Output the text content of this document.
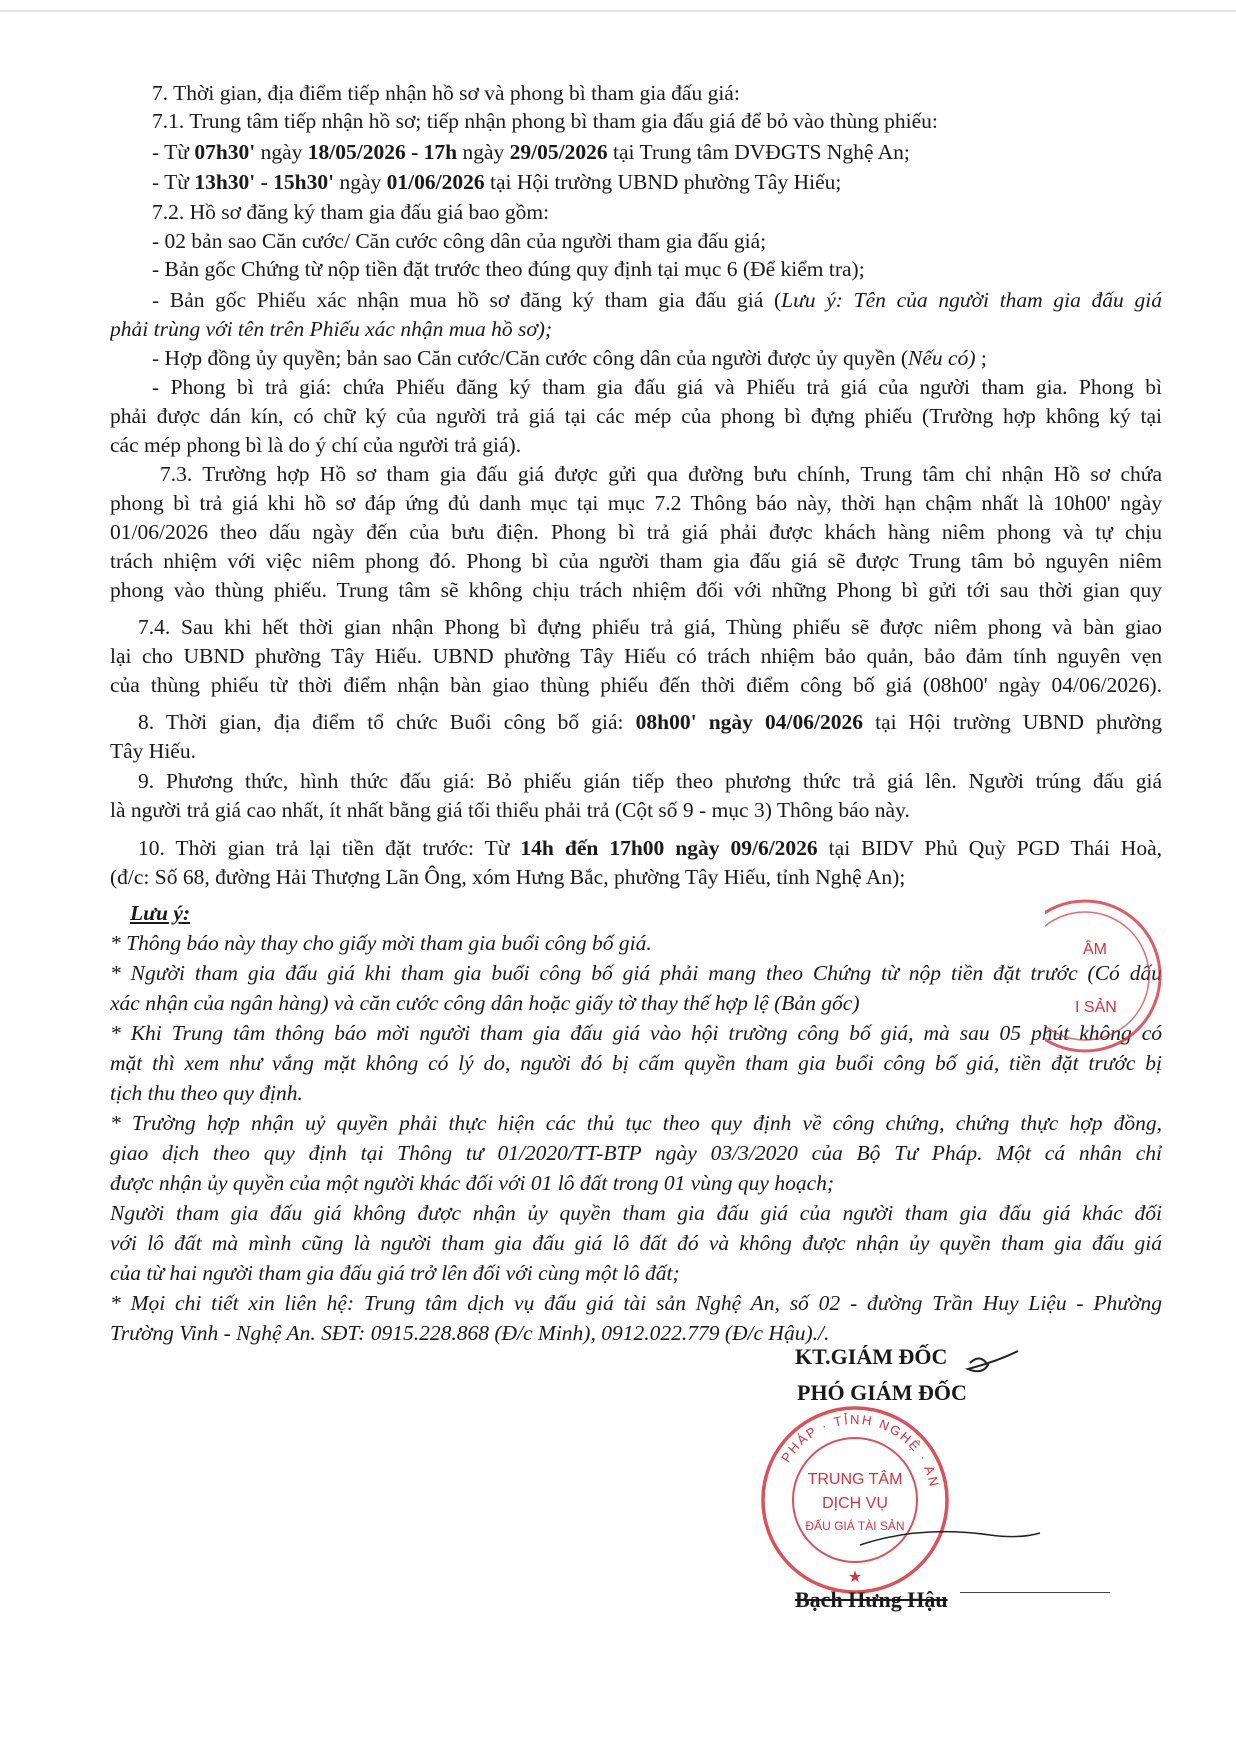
7. Thời gian, địa điểm tiếp nhận hồ sơ và phong bì tham gia đấu giá:
7.1. Trung tâm tiếp nhận hồ sơ; tiếp nhận phong bì tham gia đấu giá để bỏ vào thùng phiếu:
- Từ 07h30' ngày 18/05/2026 - 17h ngày 29/05/2026 tại Trung tâm DVĐGTS Nghệ An;
- Từ 13h30' - 15h30' ngày 01/06/2026 tại Hội trường UBND phường Tây Hiếu;
7.2. Hồ sơ đăng ký tham gia đấu giá bao gồm:
- 02 bản sao Căn cước/ Căn cước công dân của người tham gia đấu giá;
- Bản gốc Chứng từ nộp tiền đặt trước theo đúng quy định tại mục 6 (Để kiểm tra);
- Bản gốc Phiếu xác nhận mua hồ sơ đăng ký tham gia đấu giá (Lưu ý: Tên của người tham gia đấu giá
phải trùng với tên trên Phiếu xác nhận mua hồ sơ);
- Hợp đồng ủy quyền; bản sao Căn cước/Căn cước công dân của người được ủy quyền (Nếu có) ;
- Phong bì trả giá: chứa Phiếu đăng ký tham gia đấu giá và Phiếu trả giá của người tham gia. Phong bì
phải được dán kín, có chữ ký của người trả giá tại các mép của phong bì đựng phiếu (Trường hợp không ký tại
các mép phong bì là do ý chí của người trả giá).
7.3. Trường hợp Hồ sơ tham gia đấu giá được gửi qua đường bưu chính, Trung tâm chỉ nhận Hồ sơ chứa
phong bì trả giá khi hồ sơ đáp ứng đủ danh mục tại mục 7.2 Thông báo này, thời hạn chậm nhất là 10h00' ngày
01/06/2026 theo dấu ngày đến của bưu điện. Phong bì trả giá phải được khách hàng niêm phong và tự chịu
trách nhiệm với việc niêm phong đó. Phong bì của người tham gia đấu giá sẽ được Trung tâm bỏ nguyên niêm
phong vào thùng phiếu. Trung tâm sẽ không chịu trách nhiệm đối với những Phong bì gửi tới sau thời gian quy
7.4. Sau khi hết thời gian nhận Phong bì đựng phiếu trả giá, Thùng phiếu sẽ được niêm phong và bàn giao
lại cho UBND phường Tây Hiếu. UBND phường Tây Hiếu có trách nhiệm bảo quản, bảo đảm tính nguyên vẹn
của thùng phiếu từ thời điểm nhận bàn giao thùng phiếu đến thời điểm công bố giá (08h00' ngày 04/06/2026).
8. Thời gian, địa điểm tổ chức Buổi công bố giá: 08h00' ngày 04/06/2026 tại Hội trường UBND phường
Tây Hiếu.
9. Phương thức, hình thức đấu giá: Bỏ phiếu gián tiếp theo phương thức trả giá lên. Người trúng đấu giá
là người trả giá cao nhất, ít nhất bằng giá tối thiểu phải trả (Cột số 9 - mục 3) Thông báo này.
10. Thời gian trả lại tiền đặt trước: Từ 14h đến 17h00 ngày 09/6/2026 tại BIDV Phủ Quỳ PGD Thái Hoà,
(đ/c: Số 68, đường Hải Thượng Lãn Ông, xóm Hưng Bắc, phường Tây Hiếu, tỉnh Nghệ An);
Lưu ý:
* Thông báo này thay cho giấy mời tham gia buổi công bố giá.
* Người tham gia đấu giá khi tham gia buổi công bố giá phải mang theo Chứng từ nộp tiền đặt trước (Có dấu
xác nhận của ngân hàng) và căn cước công dân hoặc giấy tờ thay thế hợp lệ (Bản gốc)
* Khi Trung tâm thông báo mời người tham gia đấu giá vào hội trường công bố giá, mà sau 05 phút không có
mặt thì xem như vắng mặt không có lý do, người đó bị cấm quyền tham gia buổi công bố giá, tiền đặt trước bị
tịch thu theo quy định.
* Trường hợp nhận uỷ quyền phải thực hiện các thủ tục theo quy định về công chứng, chứng thực hợp đồng,
giao dịch theo quy định tại Thông tư 01/2020/TT-BTP ngày 03/3/2020 của Bộ Tư Pháp. Một cá nhân chỉ
được nhận ủy quyền của một người khác đối với 01 lô đất trong 01 vùng quy hoạch;
Người tham gia đấu giá không được nhận ủy quyền tham gia đấu giá của người tham gia đấu giá khác đối
với lô đất mà mình cũng là người tham gia đấu giá lô đất đó và không được nhận ủy quyền tham gia đấu giá
của từ hai người tham gia đấu giá trở lên đối với cùng một lô đất;
* Mọi chi tiết xin liên hệ: Trung tâm dịch vụ đấu giá tài sản Nghệ An, số 02 - đường Trần Huy Liệu - Phường
Trường Vinh - Nghệ An. SĐT: 0915.228.868 (Đ/c Minh), 0912.022.779 (Đ/c Hậu)./.
KT.GIÁM ĐỐC
PHÓ GIÁM ĐỐC
ÂM
I SẢN
PHÁP · TỈNH NGHỆ · AN
TRUNG TÂM
DỊCH VỤ
ĐẤU GIÁ TÀI SẢN
★
Bạch Hưng Hậu
